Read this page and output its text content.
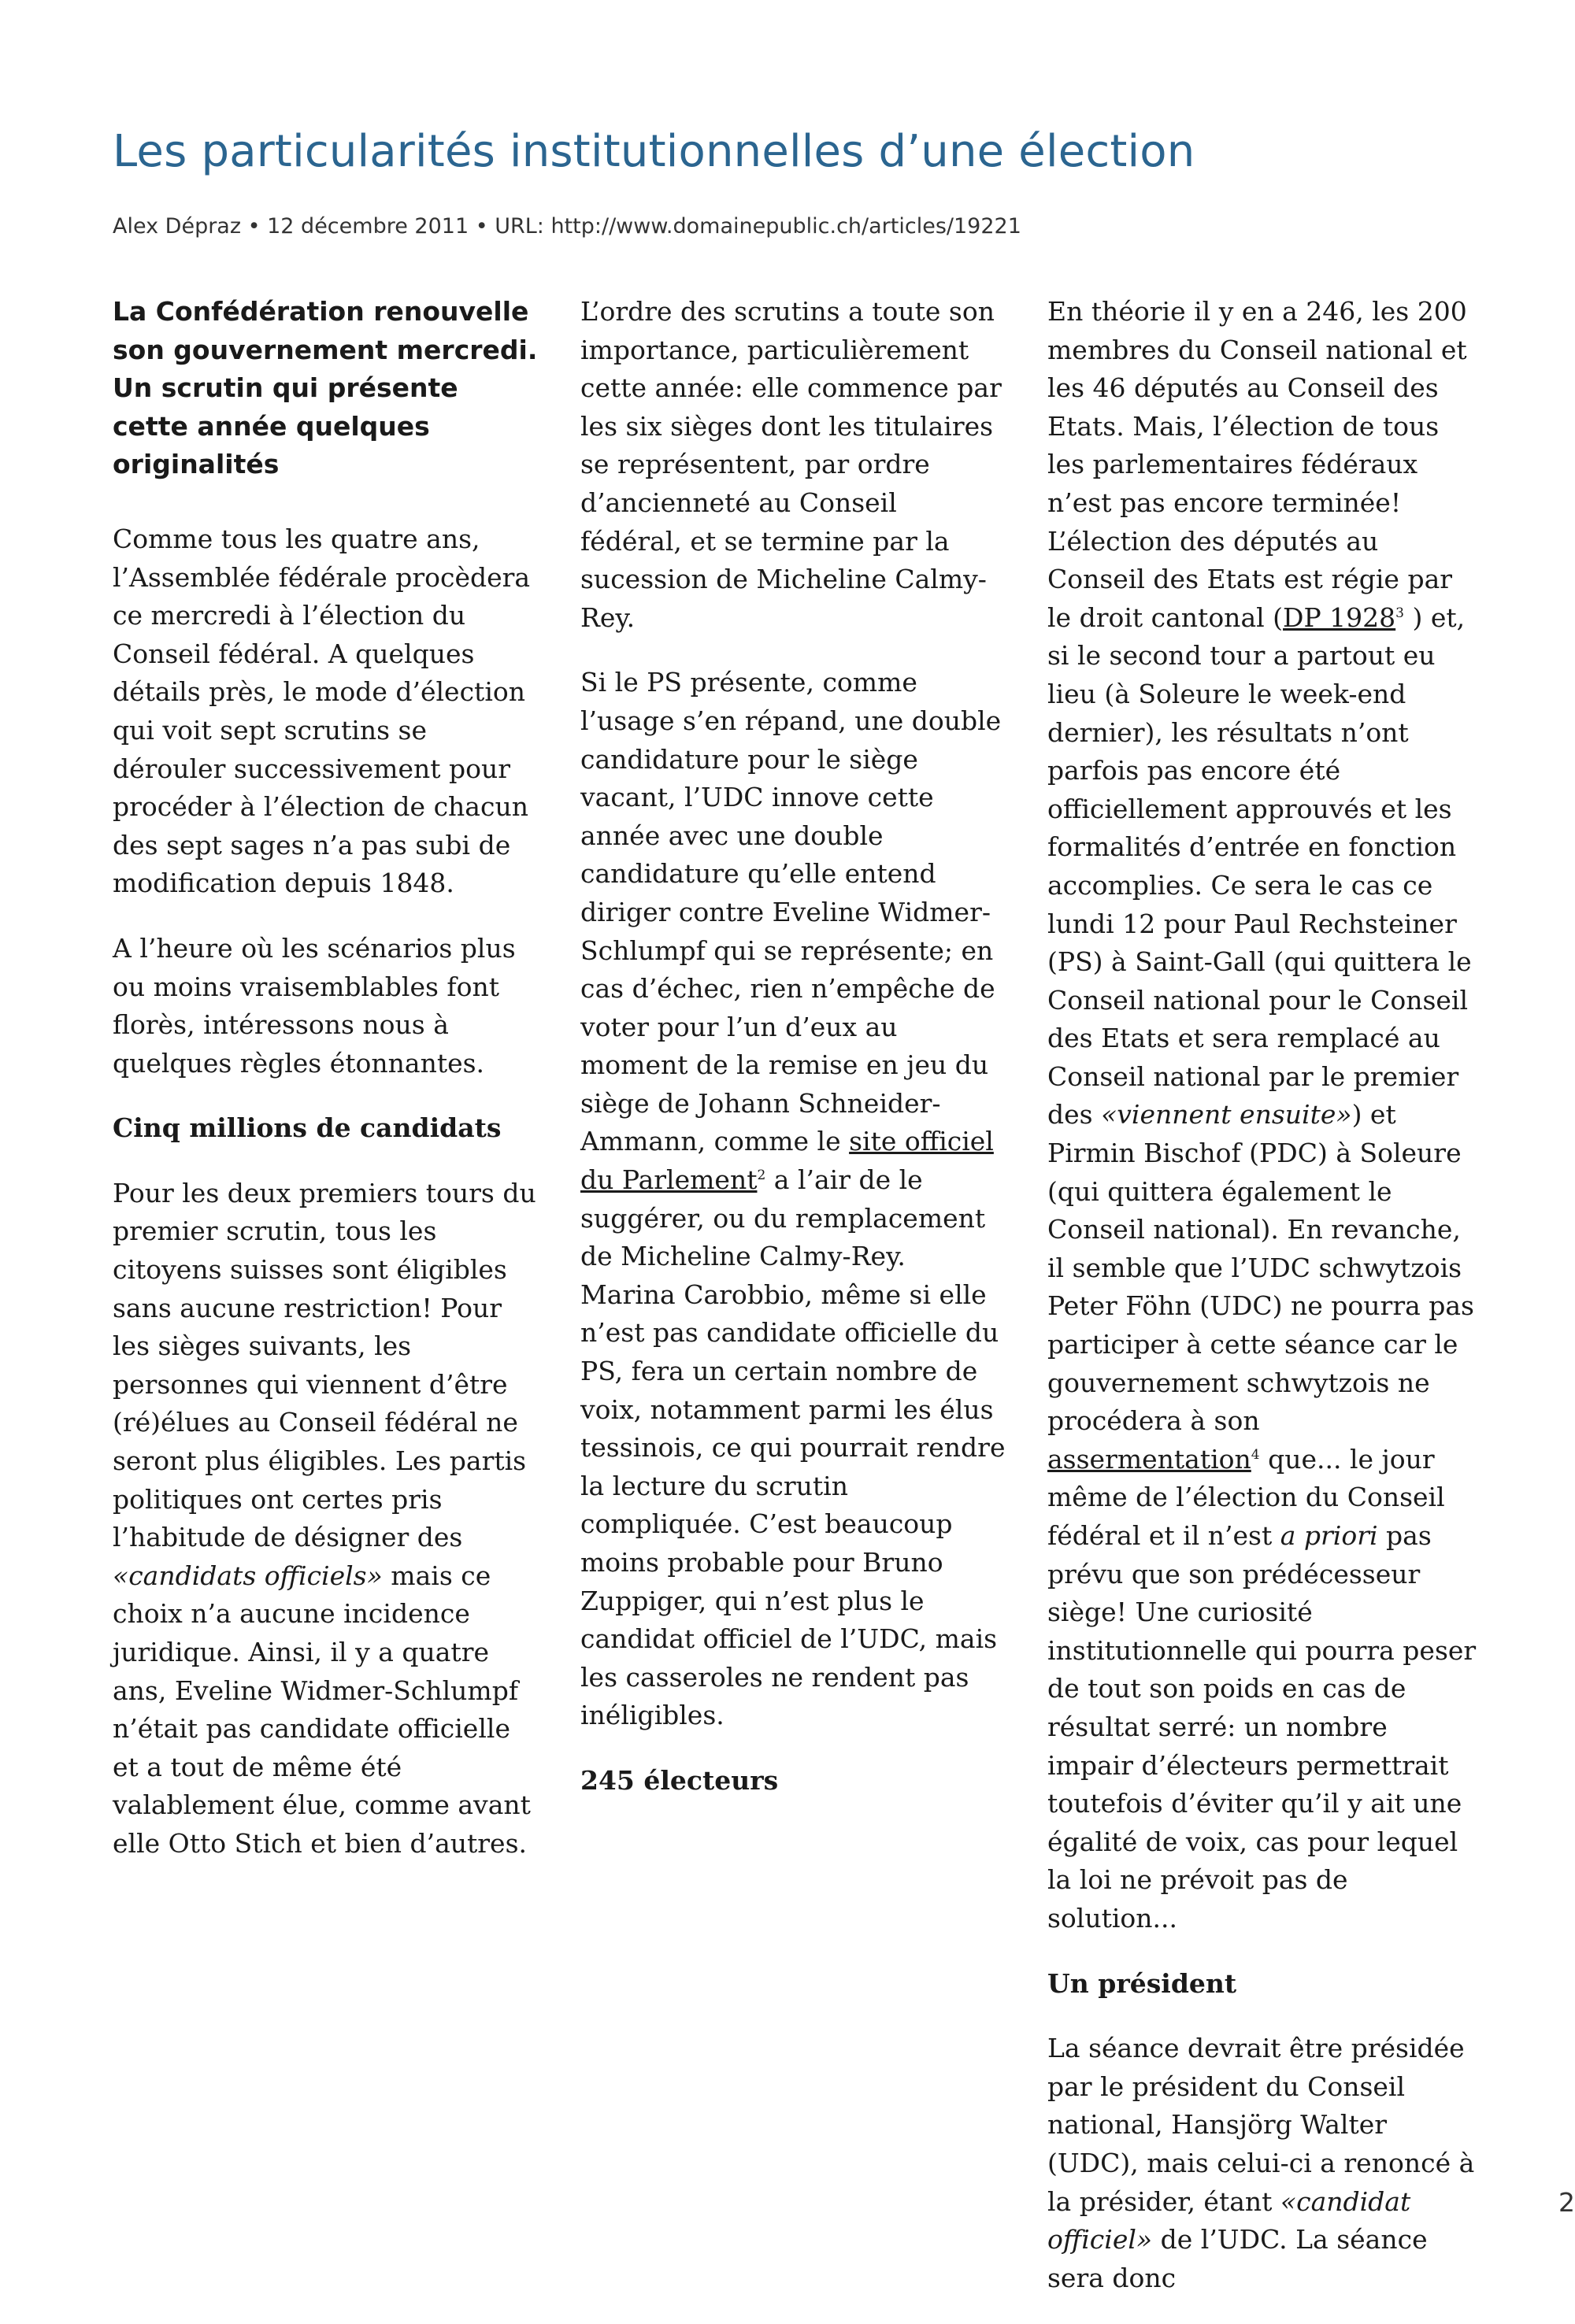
Les particularités institutionnelles d’une élection
Alex Dépraz • 12 décembre 2011 • URL: http://www.domainepublic.ch/articles/19221

La Confédération renouvelle son gouvernement mercredi. Un scrutin qui présente cette année quelques originalités

Comme tous les quatre ans, l’Assemblée fédérale procèdera ce mercredi à l’élection du Conseil fédéral. A quelques détails près, le mode d’élection qui voit sept scrutins se dérouler successivement pour procéder à l’élection de chacun des sept sages n’a pas subi de modification depuis 1848.

A l’heure où les scénarios plus ou moins vraisemblables font florès, intéressons nous à quelques règles étonnantes.

Cinq millions de candidats

Pour les deux premiers tours du premier scrutin, tous les citoyens suisses sont éligibles sans aucune restriction! Pour les sièges suivants, les personnes qui viennent d’être (ré)élues au Conseil fédéral ne seront plus éligibles. Les partis politiques ont certes pris l’habitude de désigner des «candidats officiels» mais ce choix n’a aucune incidence juridique. Ainsi, il y a quatre ans, Eveline Widmer-Schlumpf n’était pas candidate officielle et a tout de même été valablement élue, comme avant elle Otto Stich et bien d’autres.

L’ordre des scrutins a toute son importance, particulièrement cette année: elle commence par les six sièges dont les titulaires se représentent, par ordre d’ancienneté au Conseil fédéral, et se termine par la sucession de Micheline Calmy-Rey.

Si le PS présente, comme l’usage s’en répand, une double candidature pour le siège vacant, l’UDC innove cette année avec une double candidature qu’elle entend diriger contre Eveline Widmer-Schlumpf qui se représente; en cas d’échec, rien n’empêche de voter pour l’un d’eux au moment de la remise en jeu du siège de Johann Schneider-Ammann, comme le site officiel du Parlement$^2$ a l’air de le suggérer, ou du remplacement de Micheline Calmy-Rey. Marina Carobbio, même si elle n’est pas candidate officielle du PS, fera un certain nombre de voix, notamment parmi les élus tessinois, ce qui pourrait rendre la lecture du scrutin compliquée. C’est beaucoup moins probable pour Bruno Zuppiger, qui n’est plus le candidat officiel de l’UDC, mais les casseroles ne rendent pas inéligibles.

245 électeurs

En théorie il y en a 246, les 200 membres du Conseil national et les 46 députés au Conseil des Etats. Mais, l’élection de tous les parlementaires fédéraux n’est pas encore terminée! L’élection des députés au Conseil des Etats est régie par le droit cantonal (DP 1928$^3$ ) et, si le second tour a partout eu lieu (à Soleure le week-end dernier), les résultats n’ont parfois pas encore été officiellement approuvés et les formalités d’entrée en fonction accomplies. Ce sera le cas ce lundi 12 pour Paul Rechsteiner (PS) à Saint-Gall (qui quittera le Conseil national pour le Conseil des Etats et sera remplacé au Conseil national par le premier des «viennent ensuite») et Pirmin Bischof (PDC) à Soleure (qui quittera également le Conseil national). En revanche, il semble que l’UDC schwytzois Peter Föhn (UDC) ne pourra pas participer à cette séance car le gouvernement schwytzois ne procédera à son assermentation$^4$ que... le jour même de l’élection du Conseil fédéral et il n’est a priori pas prévu que son prédécesseur siège! Une curiosité institutionnelle qui pourra peser de tout son poids en cas de résultat serré: un nombre impair d’électeurs permettrait toutefois d’éviter qu’il y ait une égalité de voix, cas pour lequel la loi ne prévoit pas de solution...

Un président

La séance devrait être présidée par le président du Conseil national, Hansjörg Walter (UDC), mais celui-ci a renoncé à la présider, étant «candidat officiel» de l’UDC. La séance sera donc

2
